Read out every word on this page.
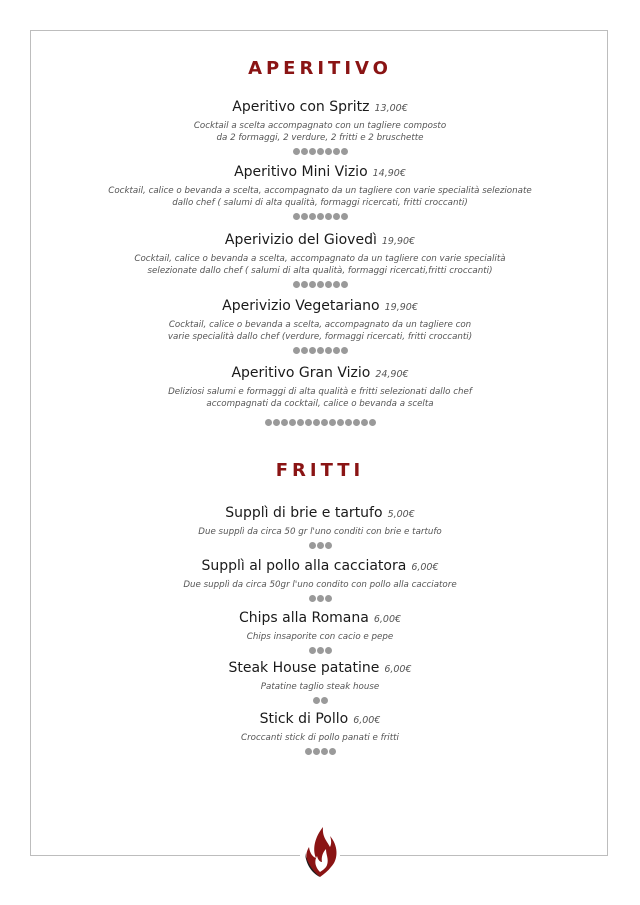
APERITIVO
Aperitivo con Spritz 13,00€
Cocktail a scelta accompagnato con un tagliere composto
da 2 formaggi, 2 verdure, 2 fritti e 2 bruschette
Aperitivo Mini Vizio 14,90€
Cocktail, calice o bevanda a scelta, accompagnato da un tagliere con varie specialità selezionate
dallo chef ( salumi di alta qualità, formaggi ricercati, fritti croccanti)
Aperivizio del Giovedì 19,90€
Cocktail, calice o bevanda a scelta, accompagnato da un tagliere con varie specialità
selezionate dallo chef ( salumi di alta qualità, formaggi ricercati,fritti croccanti)
Aperivizio Vegetariano 19,90€
Cocktail, calice o bevanda a scelta, accompagnato da un tagliere con
varie specialità dallo chef (verdure, formaggi ricercati, fritti croccanti)
Aperitivo Gran Vizio 24,90€
Deliziosi salumi e formaggi di alta qualità e fritti selezionati dallo chef
accompagnati da cocktail, calice o bevanda a scelta
FRITTI
Supplì di brie e tartufo 5,00€
Due supplì da circa 50 gr l'uno conditi con brie e tartufo
Supplì al pollo alla cacciatora 6,00€
Due supplì da circa 50gr l'uno condito con pollo alla cacciatore
Chips alla Romana 6,00€
Chips insaporite con cacio e pepe
Steak House patatine 6,00€
Patatine taglio steak house
Stick di Pollo 6,00€
Croccanti stick di pollo panati e fritti
